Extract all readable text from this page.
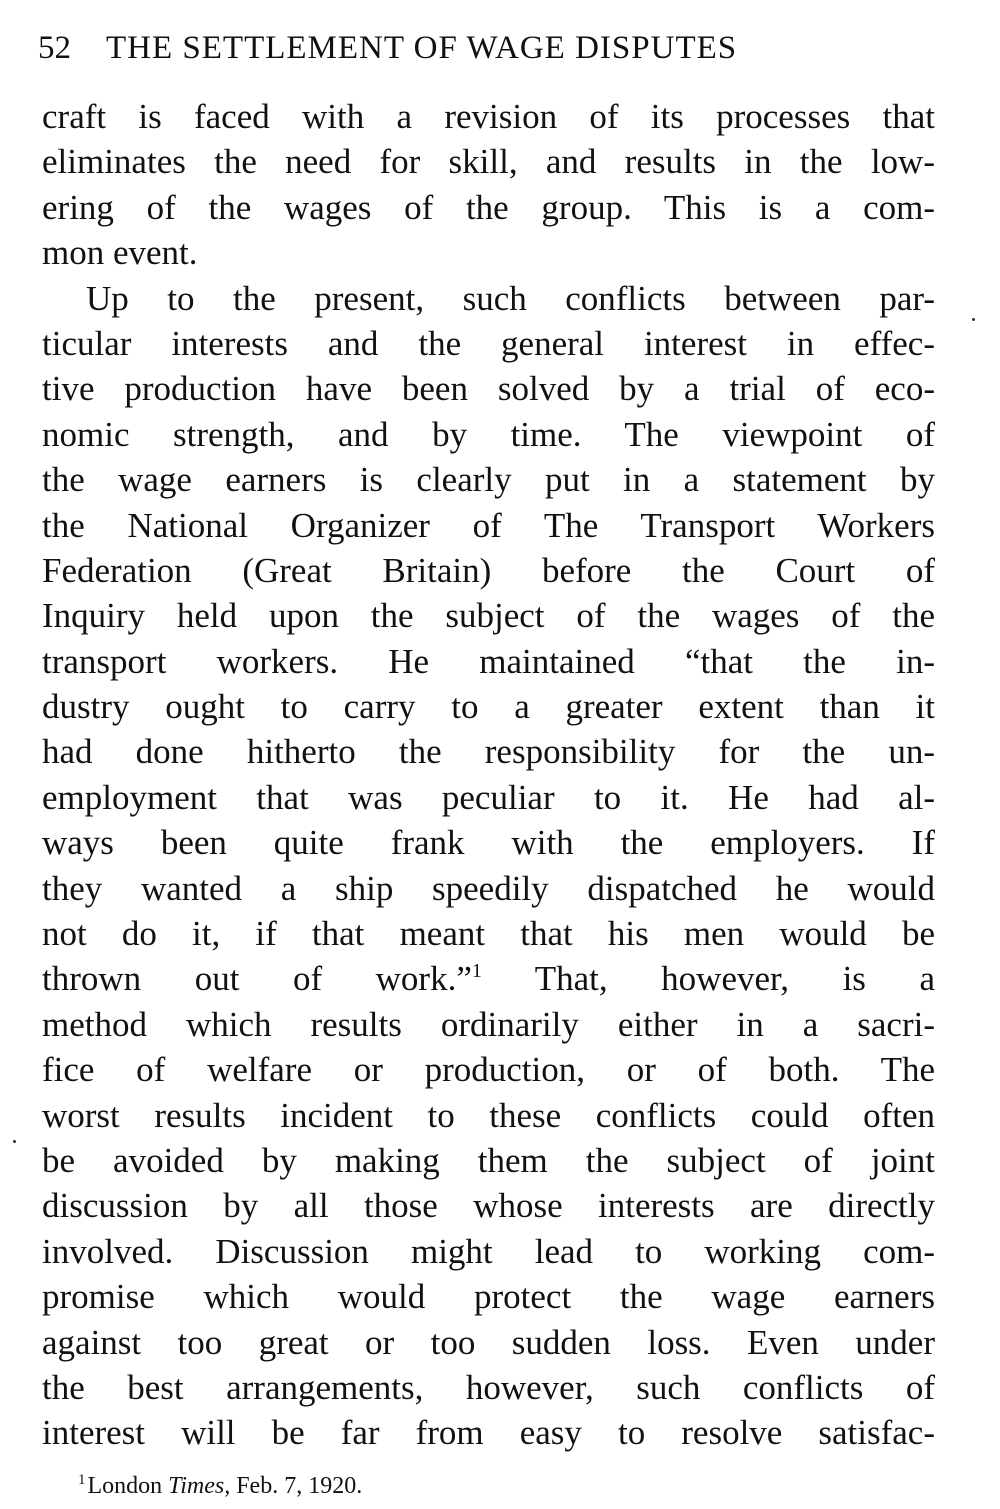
52 THE SETTLEMENT OF WAGE DISPUTES
craft is faced with a revision of its processes that
eliminates the need for skill, and results in the low-
ering of the wages of the group. This is a com-
mon event.
Up to the present, such conflicts between par-
ticular interests and the general interest in effec-
tive production have been solved by a trial of eco-
nomic strength, and by time. The viewpoint of
the wage earners is clearly put in a statement by
the National Organizer of The Transport Workers
Federation (Great Britain) before the Court of
Inquiry held upon the subject of the wages of the
transport workers. He maintained “that the in-
dustry ought to carry to a greater extent than it
had done hitherto the responsibility for the un-
employment that was peculiar to it. He had al-
ways been quite frank with the employers. If
they wanted a ship speedily dispatched he would
not do it, if that meant that his men would be
thrown out of work.”$^1$ That, however, is a
method which results ordinarily either in a sacri-
fice of welfare or production, or of both. The
worst results incident to these conflicts could often
be avoided by making them the subject of joint
discussion by all those whose interests are directly
involved. Discussion might lead to working com-
promise which would protect the wage earners
against too great or too sudden loss. Even under
the best arrangements, however, such conflicts of
interest will be far from easy to resolve satisfac-
$^1$London Times, Feb. 7, 1920.
